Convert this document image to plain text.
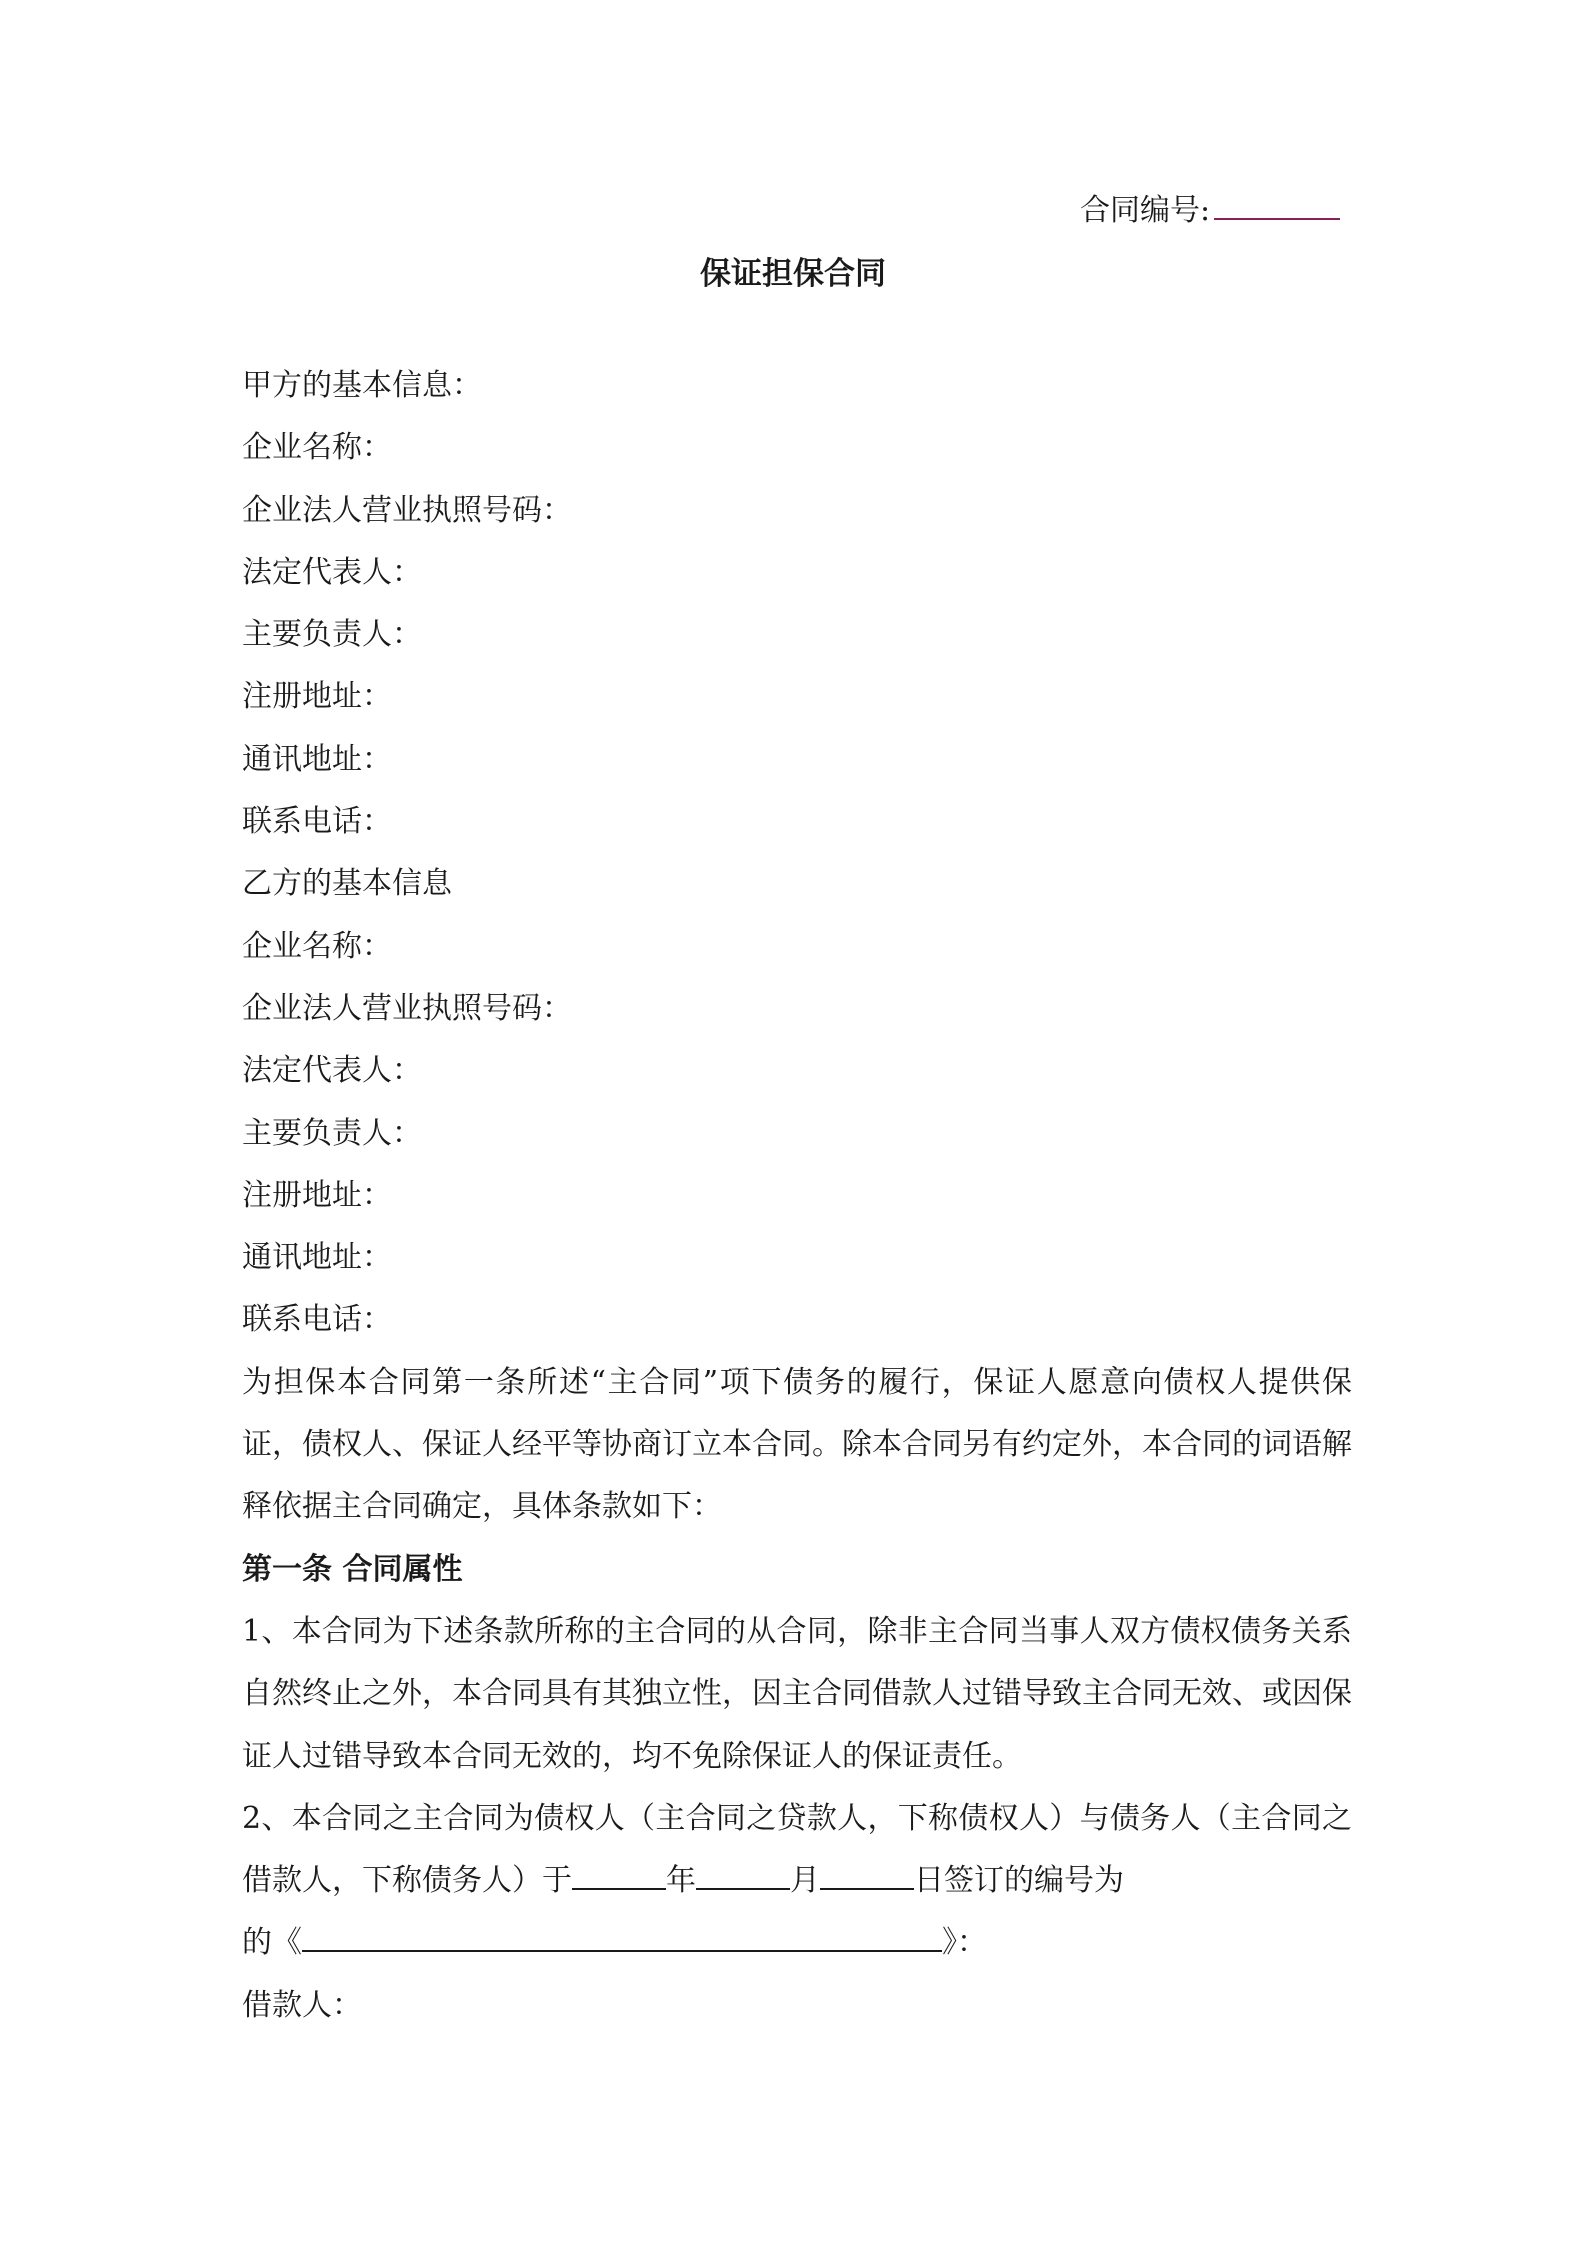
合同编号:
保证担保合同
甲方的基本信息：
企业名称：
企业法人营业执照号码：
法定代表人：
主要负责人：
注册地址：
通讯地址：
联系电话：
乙方的基本信息
企业名称：
企业法人营业执照号码：
法定代表人：
主要负责人：
注册地址：
通讯地址：
联系电话：
为担保本合同第一条所述“主合同”项下债务的履行，保证人愿意向债权人提供保证，债权人、保证人经平等协商订立本合同。除本合同另有约定外，本合同的词语解释依据主合同确定，具体条款如下：
第一条 合同属性
1、本合同为下述条款所称的主合同的从合同，除非主合同当事人双方债权债务关系自然终止之外，本合同具有其独立性，因主合同借款人过错导致主合同无效、或因保证人过错导致本合同无效的，均不免除保证人的保证责任。
2、本合同之主合同为债权人（主合同之贷款人，下称债权人）与债务人（主合同之借款人，下称债务人）于	年	月	日签订的编号为
的《	》：
借款人：
